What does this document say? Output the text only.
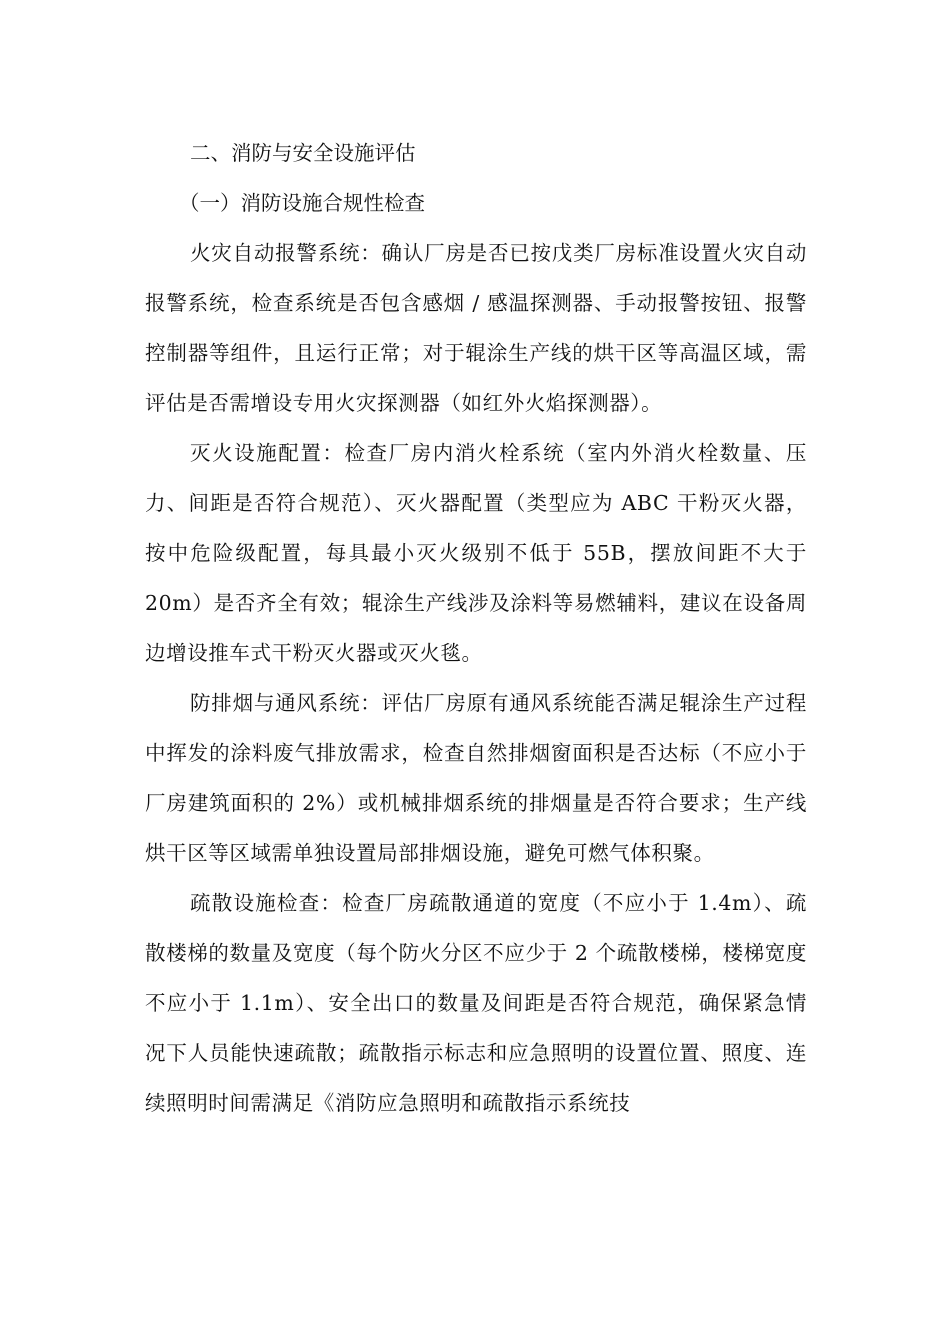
二、消防与安全设施评估

（一）消防设施合规性检查

火灾自动报警系统：确认厂房是否已按戊类厂房标准设置火灾自动报警系统，检查系统是否包含感烟 / 感温探测器、手动报警按钮、报警控制器等组件，且运行正常；对于辊涂生产线的烘干区等高温区域，需评估是否需增设专用火灾探测器（如红外火焰探测器）。

灭火设施配置：检查厂房内消火栓系统（室内外消火栓数量、压力、间距是否符合规范）、灭火器配置（类型应为 ABC 干粉灭火器，按中危险级配置，每具最小灭火级别不低于 55B，摆放间距不大于 20m）是否齐全有效；辊涂生产线涉及涂料等易燃辅料，建议在设备周边增设推车式干粉灭火器或灭火毯。

防排烟与通风系统：评估厂房原有通风系统能否满足辊涂生产过程中挥发的涂料废气排放需求，检查自然排烟窗面积是否达标（不应小于厂房建筑面积的 2%）或机械排烟系统的排烟量是否符合要求；生产线烘干区等区域需单独设置局部排烟设施，避免可燃气体积聚。

疏散设施检查：检查厂房疏散通道的宽度（不应小于 1.4m）、疏散楼梯的数量及宽度（每个防火分区不应少于 2 个疏散楼梯，楼梯宽度不应小于 1.1m）、安全出口的数量及间距是否符合规范，确保紧急情况下人员能快速疏散；疏散指示标志和应急照明的设置位置、照度、连续照明时间需满足《消防应急照明和疏散指示系统技
